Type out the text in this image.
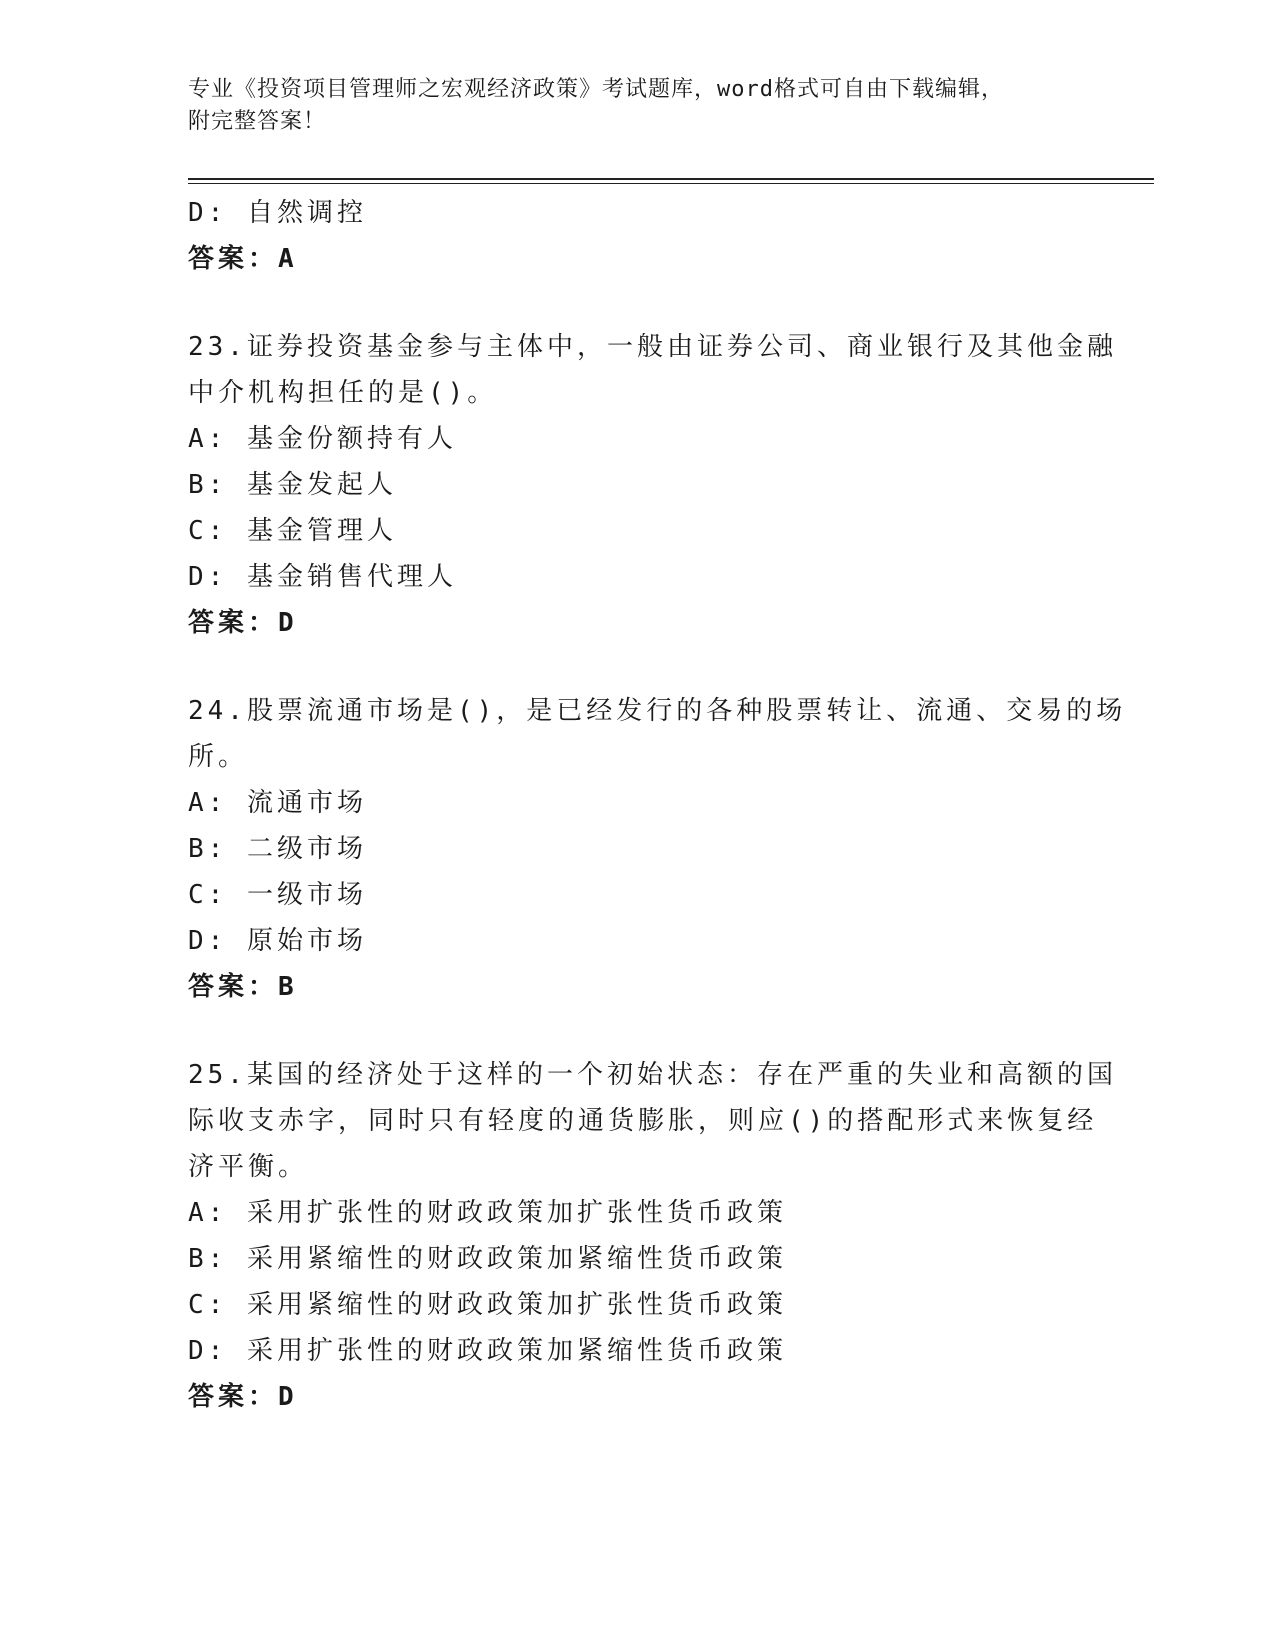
专业《投资项目管理师之宏观经济政策》考试题库，word格式可自由下载编辑，
附完整答案！
D: 自然调控
答案：A
23.证券投资基金参与主体中，一般由证券公司、商业银行及其他金融
中介机构担任的是()。
A: 基金份额持有人
B: 基金发起人
C: 基金管理人
D: 基金销售代理人
答案：D
24.股票流通市场是()，是已经发行的各种股票转让、流通、交易的场
所。
A: 流通市场
B: 二级市场
C: 一级市场
D: 原始市场
答案：B
25.某国的经济处于这样的一个初始状态：存在严重的失业和高额的国
际收支赤字，同时只有轻度的通货膨胀，则应()的搭配形式来恢复经
济平衡。
A: 采用扩张性的财政政策加扩张性货币政策
B: 采用紧缩性的财政政策加紧缩性货币政策
C: 采用紧缩性的财政政策加扩张性货币政策
D: 采用扩张性的财政政策加紧缩性货币政策
答案：D
